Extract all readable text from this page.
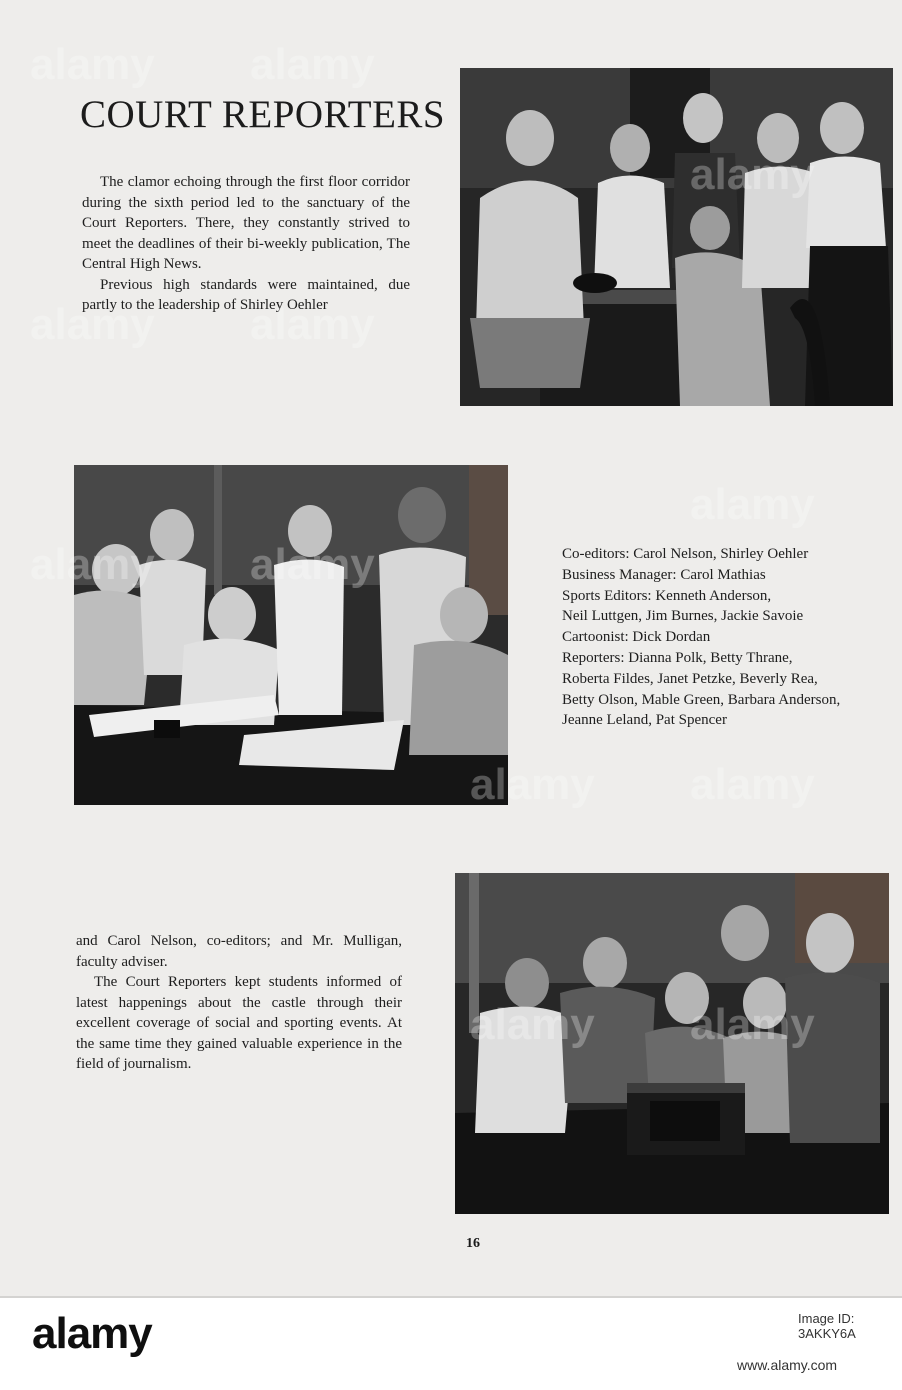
COURT REPORTERS

The clamor echoing through the first floor corridor during the sixth period led to the sanctuary of the Court Reporters. There, they constantly strived to meet the deadlines of their bi-weekly publication, The Central High News.

Previous high standards were maintained, due partly to the leadership of Shirley Oehler

Co-editors: Carol Nelson, Shirley Oehler
Business Manager: Carol Mathias
Sports Editors: Kenneth Anderson,
Neil Luttgen, Jim Burnes, Jackie Savoie
Cartoonist: Dick Dordan
Reporters: Dianna Polk, Betty Thrane,
Roberta Fildes, Janet Petzke, Beverly Rea,
Betty Olson, Mable Green, Barbara Anderson,
Jeanne Leland, Pat Spencer

and Carol Nelson, co-editors; and Mr. Mulligan, faculty adviser.

The Court Reporters kept students informed of latest happenings about the castle through their excellent coverage of social and sporting events. At the same time they gained valuable experience in the field of journalism.

16
alamy alamy
alamy alamy
alamy alamy
alamy alamy
alamy alamy
alamy
alamy
alamy	Image ID: 3AKKY6A
www.alamy.com
